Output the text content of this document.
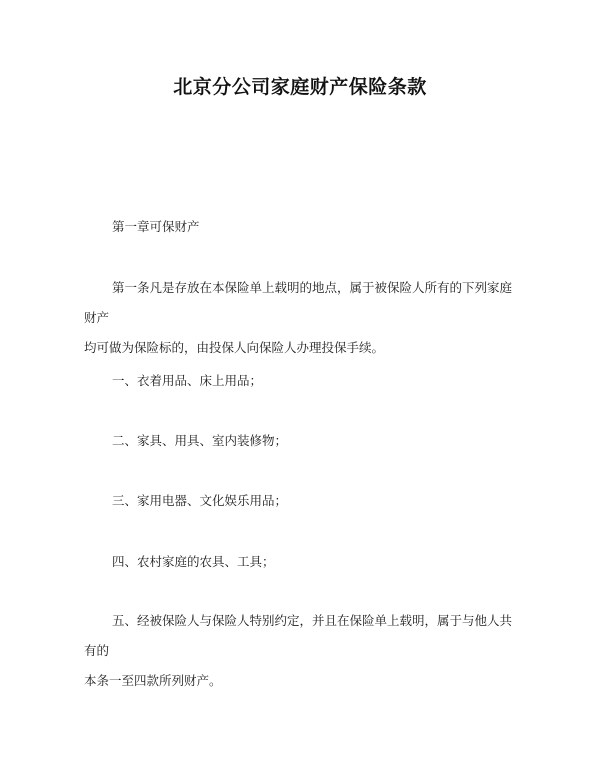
北京分公司家庭财产保险条款

第一章可保财产

第一条凡是存放在本保险单上载明的地点，属于被保险人所有的下列家庭财产
均可做为保险标的，由投保人向保险人办理投保手续。

一、衣着用品、床上用品；

二、家具、用具、室内装修物；

三、家用电器、文化娱乐用品；

四、农村家庭的农具、工具；

五、经被保险人与保险人特别约定，并且在保险单上载明，属于与他人共有的
本条一至四款所列财产。
